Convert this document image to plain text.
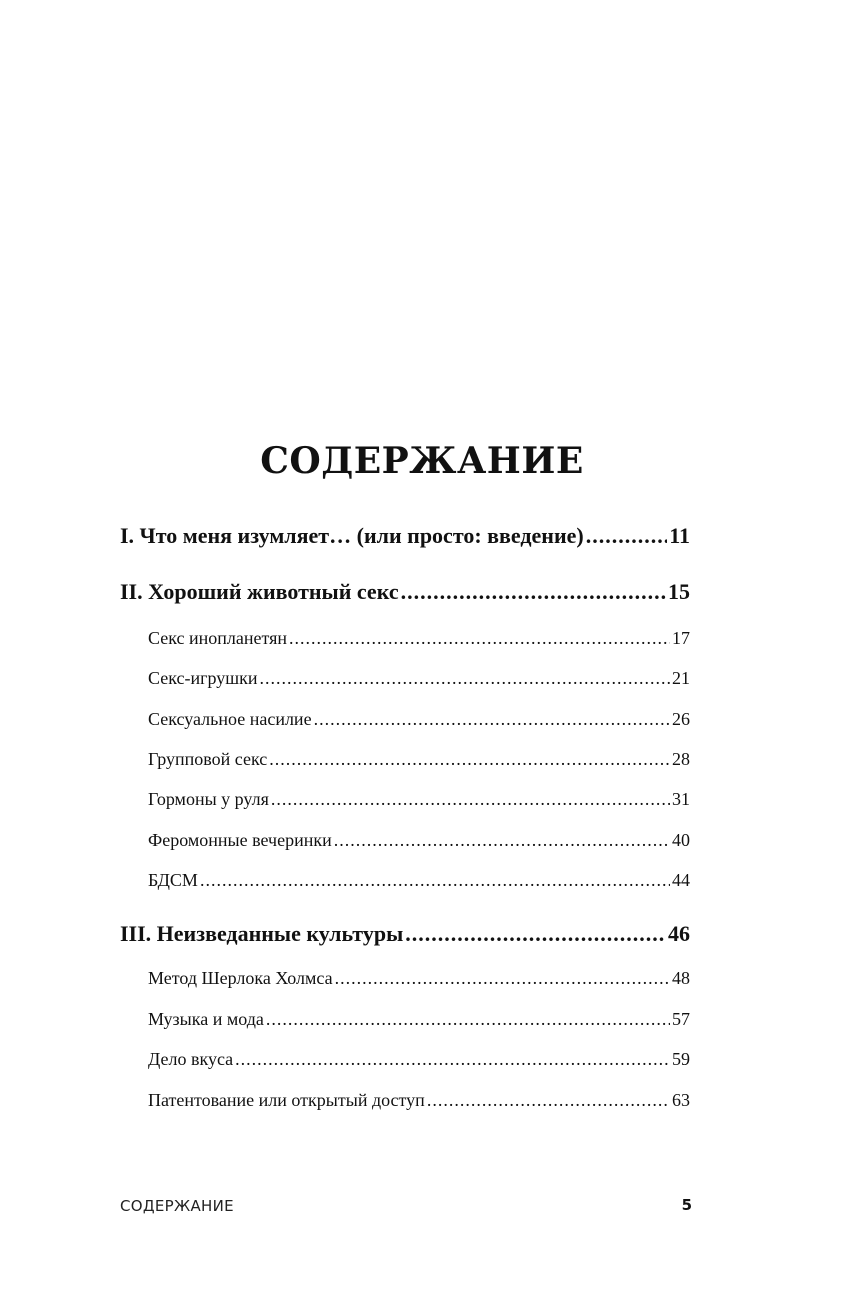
СОДЕРЖАНИЕ
I. Что меня изумляет… (или просто: введение) .....	11
II. Хороший животный секс .....	15
Секс инопланетян .....	17
Секс-игрушки .....	21
Сексуальное насилие .....	26
Групповой секс .....	28
Гормоны у руля .....	31
Феромонные вечеринки .....	40
БДСМ .....	44
III. Неизведанные культуры .....	46
Метод Шерлока Холмса .....	48
Музыка и мода .....	57
Дело вкуса .....	59
Патентование или открытый доступ .....	63

СОДЕРЖАНИЕ	5
